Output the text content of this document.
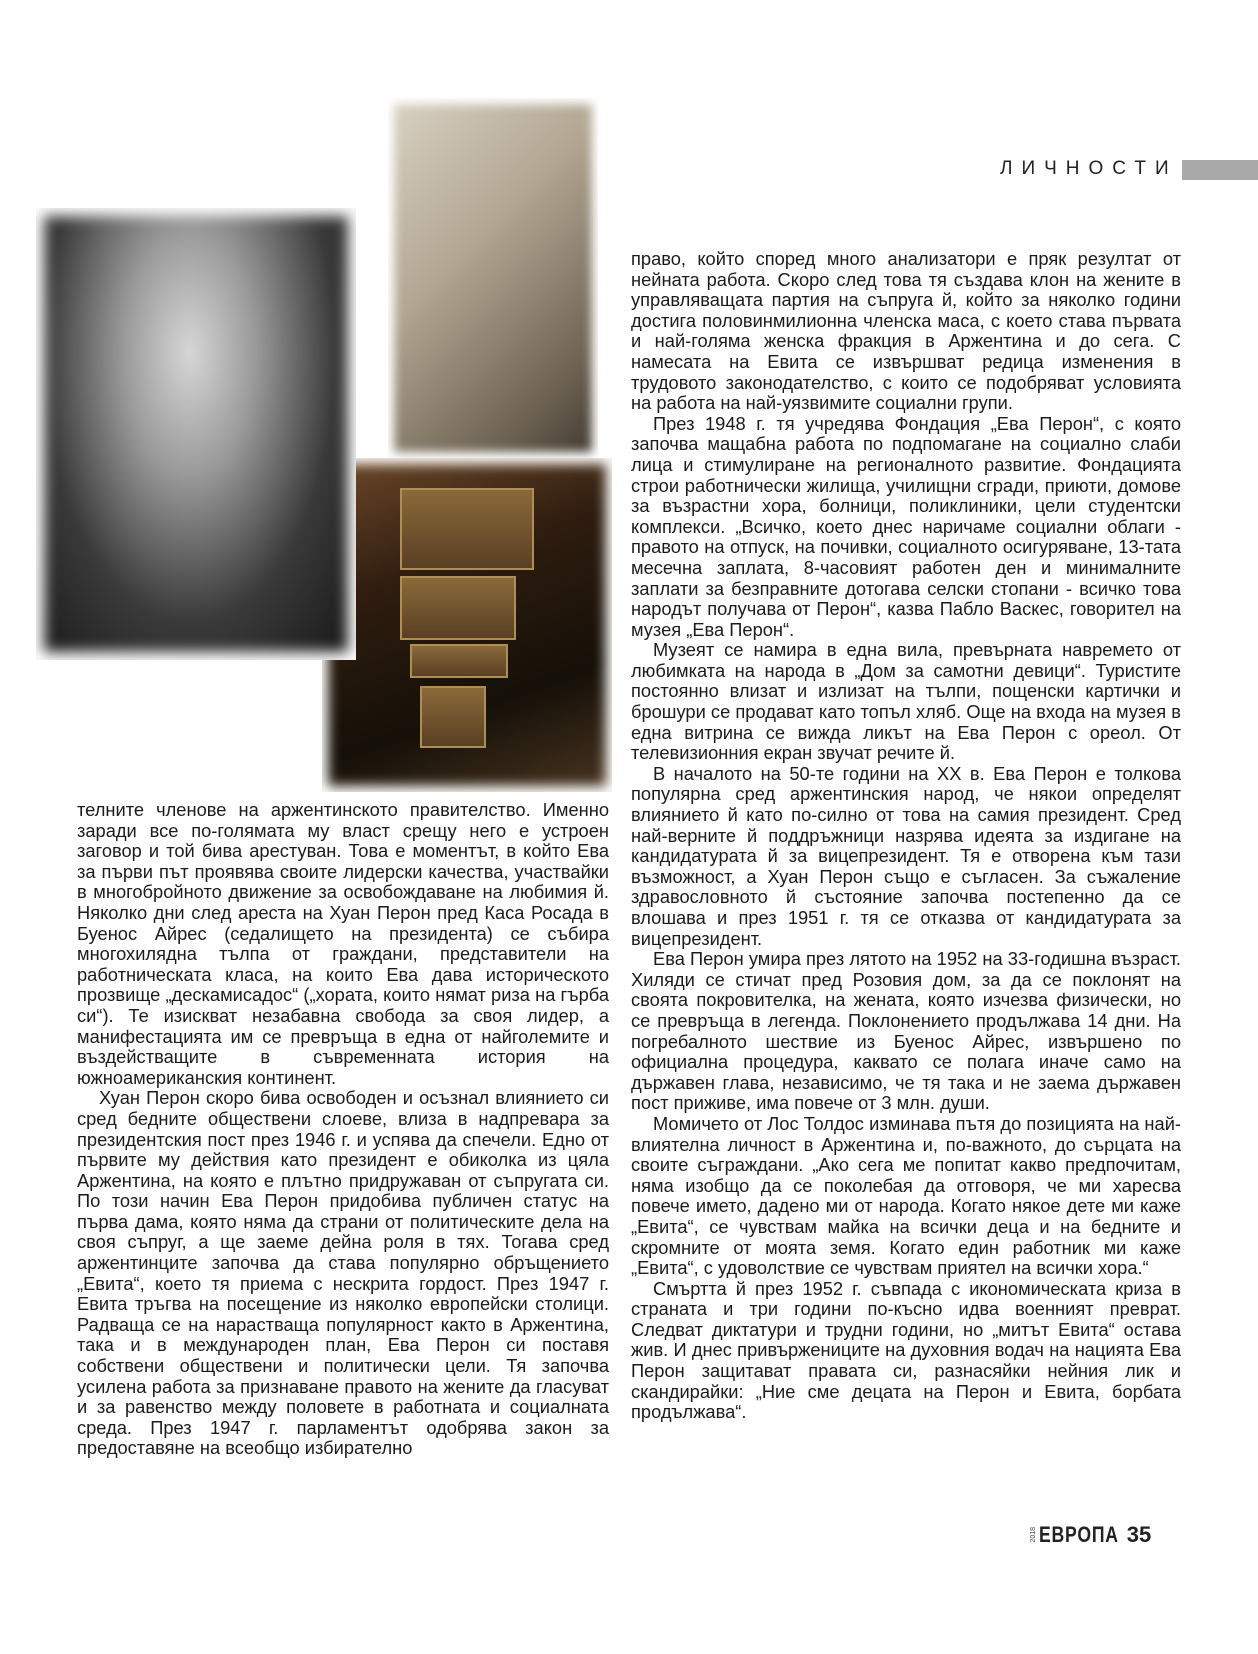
ЛИЧНОСТИ

право, който според много анализатори е пряк резултат от нейната работа. Скоро след това тя създава клон на жените в управляващата партия на съпруга й, който за няколко години достига половинмилионна членска маса, с което става първата и най-голяма женска фракция в Аржентина и до сега. С намесата на Евита се извършват редица изменения в трудовото законодателство, с които се подобряват условията на работа на най-уязвимите социални групи.

През 1948 г. тя учредява Фондация „Ева Перон“, с която започва мащабна работа по подпомагане на социално слаби лица и стимулиране на регионалното развитие. Фондацията строи работнически жилища, училищни сгради, приюти, домове за възрастни хора, болници, поликлиники, цели студентски комплекси. „Всичко, което днес наричаме социални облаги - правото на отпуск, на почивки, социалното осигуряване, 13-тата месечна заплата, 8-часовият работен ден и минималните заплати за безправните дотогава селски стопани - всичко това народът получава от Перон“, казва Пабло Васкес, говорител на музея „Ева Перон“.

Музеят се намира в една вила, превърната навремето от любимката на народа в „Дом за самотни девици“. Туристите постоянно влизат и излизат на тълпи, пощенски картички и брошури се продават като топъл хляб. Още на входа на музея в една витрина се вижда ликът на Ева Перон с ореол. От телевизионния екран звучат речите й.

В началото на 50-те години на XX в. Ева Перон е толкова популярна сред аржентинския народ, че някои определят влиянието й като по-силно от това на самия президент. Сред най-верните й поддръжници назрява идеята за издигане на кандидатурата й за вицепрезидент. Тя е отворена към тази възможност, а Хуан Перон също е съгласен. За съжаление здравословното й състояние започва постепенно да се влошава и през 1951 г. тя се отказва от кандидатурата за вицепрезидент.

Ева Перон умира през лятото на 1952 на 33-годишна възраст. Хиляди се стичат пред Розовия дом, за да се поклонят на своята покровителка, на жената, която изчезва физически, но се превръща в легенда. Поклонението продължава 14 дни. На погребалното шествие из Буенос Айрес, извършено по официална процедура, каквато се полага иначе само на държавен глава, независимо, че тя така и не заема държавен пост приживе, има повече от 3 млн. души.

Момичето от Лос Толдос изминава пътя до позицията на най-влиятелна личност в Аржентина и, по-важното, до сърцата на своите съграждани. „Ако сега ме попитат какво предпочитам, няма изобщо да се поколебая да отговоря, че ми харесва повече името, дадено ми от народа. Когато някое дете ми каже „Евита“, се чувствам майка на всички деца и на бедните и скромните от моята земя. Когато един работник ми каже „Евита“, с удоволствие се чувствам приятел на всички хора.“

Смъртта й през 1952 г. съвпада с икономическата криза в страната и три години по-късно идва военният преврат. Следват диктатури и трудни години, но „митът Евита“ остава жив. И днес привържениците на духовния водач на нацията Ева Перон защитават правата си, разнасяйки нейния лик и скандирайки: „Ние сме децата на Перон и Евита, борбата продължава“.

телните членове на аржентинското правителство. Именно заради все по-голямата му власт срещу него е устроен заговор и той бива арестуван. Това е моментът, в който Ева за първи път проявява своите лидерски качества, участвайки в многобройното движение за освобождаване на любимия й. Няколко дни след ареста на Хуан Перон пред Каса Росада в Буенос Айрес (седалището на президента) се събира многохилядна тълпа от граждани, представители на работническата класа, на които Ева дава историческото прозвище „дескамисадос“ („хората, които нямат риза на гърба си“). Те изискват незабавна свобода за своя лидер, а манифестацията им се превръща в една от найголемите и въздействащите в съвременната история на южноамериканския континент.

Хуан Перон скоро бива освободен и осъзнал влиянието си сред бедните обществени слоеве, влиза в надпревара за президентския пост през 1946 г. и успява да спечели. Едно от първите му действия като президент е обиколка из цяла Аржентина, на която е плътно придружаван от съпругата си. По този начин Ева Перон придобива публичен статус на първа дама, която няма да страни от политическите дела на своя съпруг, а ще заеме дейна роля в тях. Тогава сред аржентинците започва да става популярно обръщението „Евита“, което тя приема с нескрита гордост. През 1947 г. Евита тръгва на посещение из няколко европейски столици. Радваща се на нарастваща популярност както в Аржентина, така и в международен план, Ева Перон си поставя собствени обществени и политически цели. Тя започва усилена работа за признаване правото на жените да гласуват и за равенство между половете в работната и социалната среда. През 1947 г. парламентът одобрява закон за предоставяне на всеобщо избирателно

2018 ЕВРОПА 35
